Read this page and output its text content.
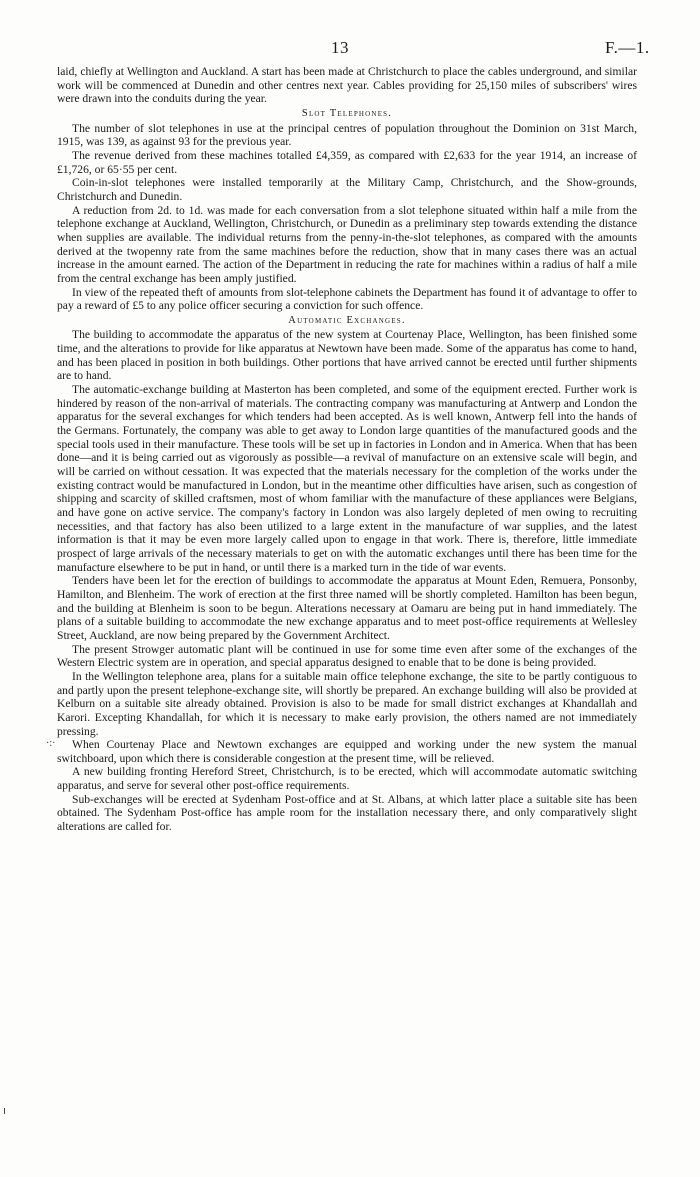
13	F.—1.

laid, chiefly at Wellington and Auckland. A start has been made at Christchurch to place the cables underground, and similar work will be commenced at Dunedin and other centres next year. Cables providing for 25,150 miles of subscribers' wires were drawn into the conduits during the year.

Slot Telephones.

The number of slot telephones in use at the principal centres of population throughout the Dominion on 31st March, 1915, was 139, as against 93 for the previous year.

The revenue derived from these machines totalled £4,359, as compared with £2,633 for the year 1914, an increase of £1,726, or 65·55 per cent.

Coin-in-slot telephones were installed temporarily at the Military Camp, Christchurch, and the Show-grounds, Christchurch and Dunedin.

A reduction from 2d. to 1d. was made for each conversation from a slot telephone situated within half a mile from the telephone exchange at Auckland, Wellington, Christchurch, or Dunedin as a preliminary step towards extending the distance when supplies are available. The individual returns from the penny-in-the-slot telephones, as compared with the amounts derived at the twopenny rate from the same machines before the reduction, show that in many cases there was an actual increase in the amount earned. The action of the Department in reducing the rate for machines within a radius of half a mile from the central exchange has been amply justified.

In view of the repeated theft of amounts from slot-telephone cabinets the Department has found it of advantage to offer to pay a reward of £5 to any police officer securing a conviction for such offence.

Automatic Exchanges.

The building to accommodate the apparatus of the new system at Courtenay Place, Wellington, has been finished some time, and the alterations to provide for like apparatus at Newtown have been made. Some of the apparatus has come to hand, and has been placed in position in both buildings. Other portions that have arrived cannot be erected until further shipments are to hand.

The automatic-exchange building at Masterton has been completed, and some of the equipment erected. Further work is hindered by reason of the non-arrival of materials. The contracting company was manufacturing at Antwerp and London the apparatus for the several exchanges for which tenders had been accepted. As is well known, Antwerp fell into the hands of the Germans. Fortunately, the company was able to get away to London large quantities of the manufactured goods and the special tools used in their manufacture. These tools will be set up in factories in London and in America. When that has been done—and it is being carried out as vigorously as possible—a revival of manufacture on an extensive scale will begin, and will be carried on without cessation. It was expected that the materials necessary for the completion of the works under the existing contract would be manufactured in London, but in the meantime other difficulties have arisen, such as congestion of shipping and scarcity of skilled craftsmen, most of whom familiar with the manufacture of these appliances were Belgians, and have gone on active service. The company's factory in London was also largely depleted of men owing to recruiting necessities, and that factory has also been utilized to a large extent in the manufacture of war supplies, and the latest information is that it may be even more largely called upon to engage in that work. There is, therefore, little immediate prospect of large arrivals of the necessary materials to get on with the automatic exchanges until there has been time for the manufacture elsewhere to be put in hand, or until there is a marked turn in the tide of war events.

Tenders have been let for the erection of buildings to accommodate the apparatus at Mount Eden, Remuera, Ponsonby, Hamilton, and Blenheim. The work of erection at the first three named will be shortly completed. Hamilton has been begun, and the building at Blenheim is soon to be begun. Alterations necessary at Oamaru are being put in hand immediately. The plans of a suitable building to accommodate the new exchange apparatus and to meet post-office requirements at Wellesley Street, Auckland, are now being prepared by the Government Architect.

The present Strowger automatic plant will be continued in use for some time even after some of the exchanges of the Western Electric system are in operation, and special apparatus designed to enable that to be done is being provided.

In the Wellington telephone area, plans for a suitable main office telephone exchange, the site to be partly contiguous to and partly upon the present telephone-exchange site, will shortly be prepared. An exchange building will also be provided at Kelburn on a suitable site already obtained. Provision is also to be made for small district exchanges at Khandallah and Karori. Excepting Khandallah, for which it is necessary to make early provision, the others named are not immediately pressing.

When Courtenay Place and Newtown exchanges are equipped and working under the new system the manual switchboard, upon which there is considerable congestion at the present time, will be relieved.

A new building fronting Hereford Street, Christchurch, is to be erected, which will accommodate automatic switching apparatus, and serve for several other post-office requirements.

Sub-exchanges will be erected at Sydenham Post-office and at St. Albans, at which latter place a suitable site has been obtained. The Sydenham Post-office has ample room for the installation necessary there, and only comparatively slight alterations are called for.

·:·
